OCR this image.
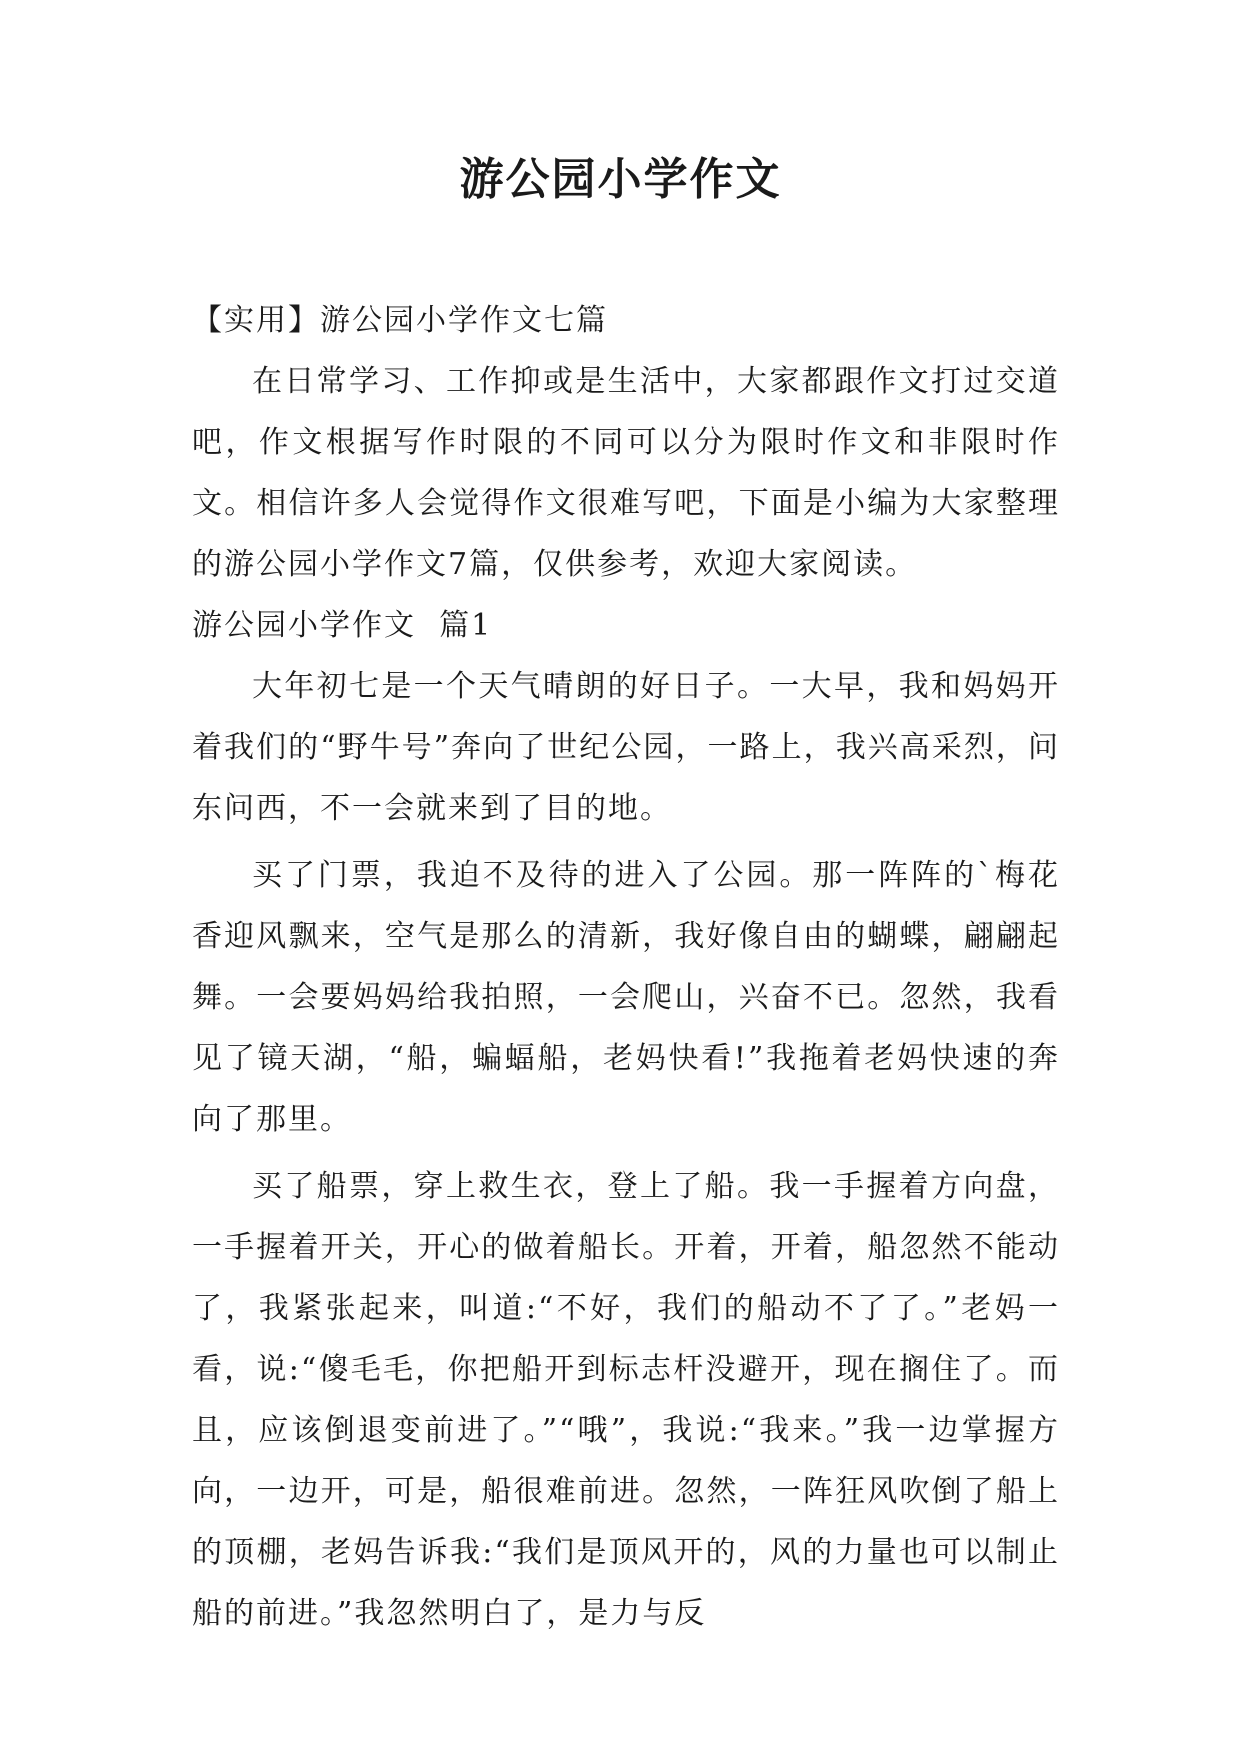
游公园小学作文

【实用】游公园小学作文七篇

在日常学习、工作抑或是生活中，大家都跟作文打过交道吧，作文根据写作时限的不同可以分为限时作文和非限时作文。相信许多人会觉得作文很难写吧，下面是小编为大家整理的游公园小学作文7篇，仅供参考，欢迎大家阅读。

游公园小学作文  篇1

大年初七是一个天气晴朗的好日子。一大早，我和妈妈开着我们的“野牛号”奔向了世纪公园，一路上，我兴高采烈，问东问西，不一会就来到了目的地。

买了门票，我迫不及待的进入了公园。那一阵阵的`梅花香迎风飘来，空气是那么的清新，我好像自由的蝴蝶，翩翩起舞。一会要妈妈给我拍照，一会爬山，兴奋不已。忽然，我看见了镜天湖，“船，蝙蝠船，老妈快看!”我拖着老妈快速的奔向了那里。

买了船票，穿上救生衣，登上了船。我一手握着方向盘，一手握着开关，开心的做着船长。开着，开着，船忽然不能动了，我紧张起来，叫道:“不好，我们的船动不了了。”老妈一看，说:“傻毛毛，你把船开到标志杆没避开，现在搁住了。而且，应该倒退变前进了。”“哦”，我说:“我来。”我一边掌握方向，一边开，可是，船很难前进。忽然，一阵狂风吹倒了船上的顶棚，老妈告诉我:“我们是顶风开的，风的力量也可以制止船的前进。”我忽然明白了，是力与反
